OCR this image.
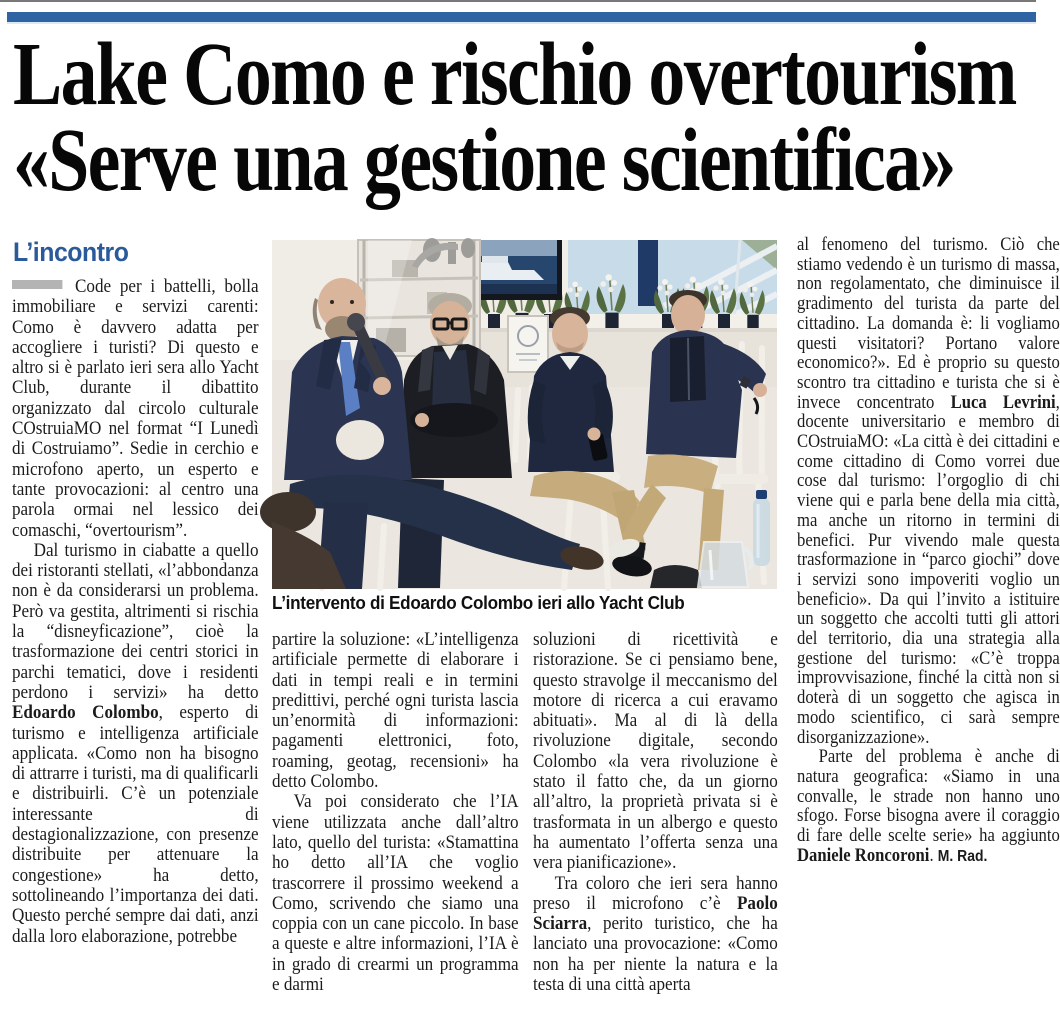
Lake Como e rischio overtourism
«Serve una gestione scientifica»
L’incontro
L’intervento di Edoardo Colombo ieri allo Yacht Club

Code per i battelli, bolla immobiliare e servizi carenti: Como è davvero adatta per accogliere i turisti? Di questo e altro si è parlato ieri sera allo Yacht Club, durante il dibattito organizzato dal circolo culturale COstruiaMO nel format “I Lunedì di Costruiamo”. Sedie in cerchio e microfono aperto, un esperto e tante provocazioni: al centro una parola ormai nel lessico dei comaschi, “overtourism”.

Dal turismo in ciabatte a quello dei ristoranti stellati, «l’abbondanza non è da considerarsi un problema. Però va gestita, altrimenti si rischia la “disneyficazione”, cioè la trasformazione dei centri storici in parchi tematici, dove i residenti perdono i servizi» ha detto Edoardo Colombo, esperto di turismo e intelligenza artificiale applicata. «Como non ha bisogno di attrarre i turisti, ma di qualificarli e distribuirli. C’è un potenziale interessante di destagionalizzazione, con presenze distribuite per attenuare la congestione» ha detto, sottolineando l’importanza dei dati. Questo perché sempre dai dati, anzi dalla loro elaborazione, potrebbe

partire la soluzione: «L’intelligenza artificiale permette di elaborare i dati in tempi reali e in termini predittivi, perché ogni turista lascia un’enormità di informazioni: pagamenti elettronici, foto, roaming, geotag, recensioni» ha detto Colombo.

Va poi considerato che l’IA viene utilizzata anche dall’altro lato, quello del turista: «Stamattina ho detto all’IA che voglio trascorrere il prossimo weekend a Como, scrivendo che siamo una coppia con un cane piccolo. In base a queste e altre informazioni, l’IA è in grado di crearmi un programma e darmi

soluzioni di ricettività e ristorazione. Se ci pensiamo bene, questo stravolge il meccanismo del motore di ricerca a cui eravamo abituati». Ma al di là della rivoluzione digitale, secondo Colombo «la vera rivoluzione è stato il fatto che, da un giorno all’altro, la proprietà privata si è trasformata in un albergo e questo ha aumentato l’offerta senza una vera pianificazione».

Tra coloro che ieri sera hanno preso il microfono c’è Paolo Sciarra, perito turistico, che ha lanciato una provocazione: «Como non ha per niente la natura e la testa di una città aperta

al fenomeno del turismo. Ciò che stiamo vedendo è un turismo di massa, non regolamentato, che diminuisce il gradimento del turista da parte del cittadino. La domanda è: li vogliamo questi visitatori? Portano valore economico?». Ed è proprio su questo scontro tra cittadino e turista che si è invece concentrato Luca Levrini, docente universitario e membro di COstruiaMO: «La città è dei cittadini e come cittadino di Como vorrei due cose dal turismo: l’orgoglio di chi viene qui e parla bene della mia città, ma anche un ritorno in termini di benefici. Pur vivendo male questa trasformazione in “parco giochi” dove i servizi sono impoveriti voglio un beneficio». Da qui l’invito a istituire un soggetto che accolti tutti gli attori del territorio, dia una strategia alla gestione del turismo: «C’è troppa improvvisazione, finché la città non si doterà di un soggetto che agisca in modo scientifico, ci sarà sempre disorganizzazione».

Parte del problema è anche di natura geografica: «Siamo in una convalle, le strade non hanno uno sfogo. Forse bisogna avere il coraggio di fare delle scelte serie» ha aggiunto Daniele Roncoroni. M. Rad.
